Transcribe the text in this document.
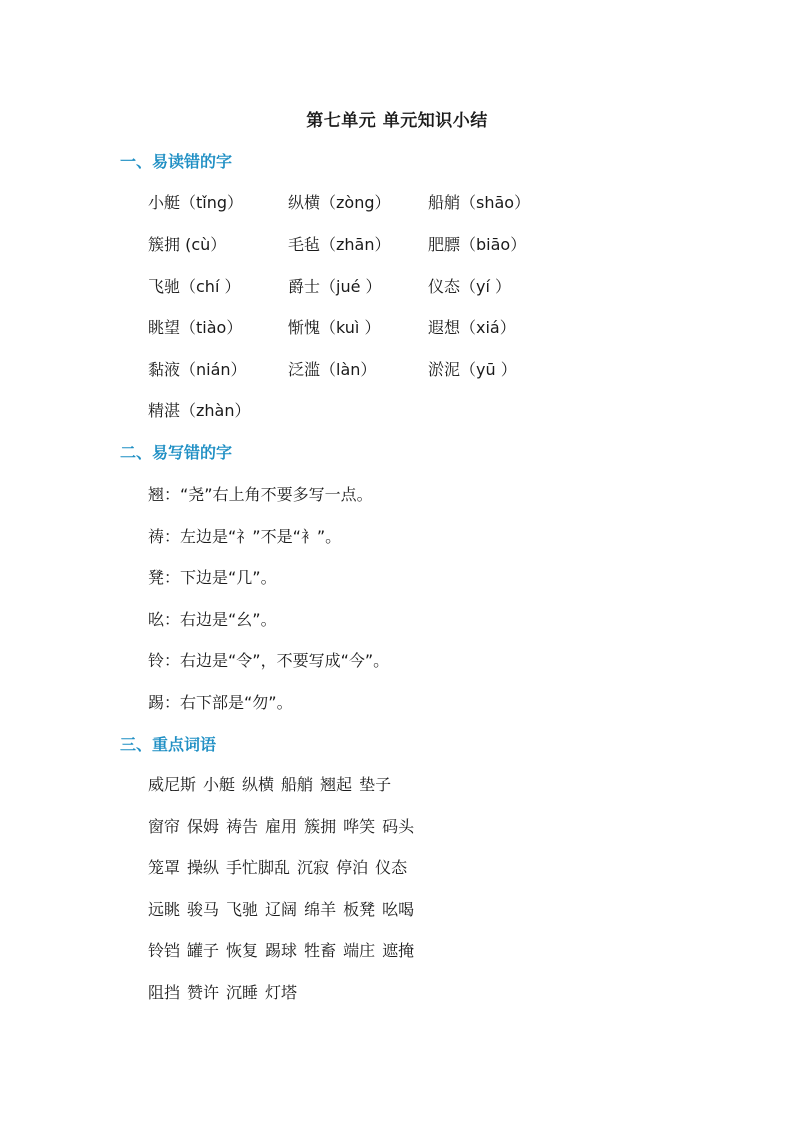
第七单元 单元知识小结
一、易读错的字
小艇（tǐng）	纵横（zòng） 船艄（shāo）
簇拥 (cù）	毛毡（zhān） 肥膘（biāo）
飞驰（chí ）	爵士（jué ）	仪态（yí ）
眺望（tiào）	惭愧（kuì ）	遐想（xiá）
黏液（nián）	泛滥（làn）	淤泥（yū ）
精湛（zhàn）
二、易写错的字
翘：“尧”右上角不要多写一点。
祷：左边是“礻”不是“衤”。
凳：下边是“几”。
吆：右边是“幺”。
铃：右边是“令”，不要写成“今”。
踢：右下部是“勿”。
三、重点词语
威尼斯 小艇 纵横 船艄 翘起 垫子
窗帘 保姆 祷告 雇用 簇拥 哗笑 码头
笼罩 操纵 手忙脚乱 沉寂 停泊 仪态
远眺 骏马 飞驰 辽阔 绵羊 板凳 吆喝
铃铛 罐子 恢复 踢球 牲畜 端庄 遮掩
阻挡 赞许 沉睡 灯塔
